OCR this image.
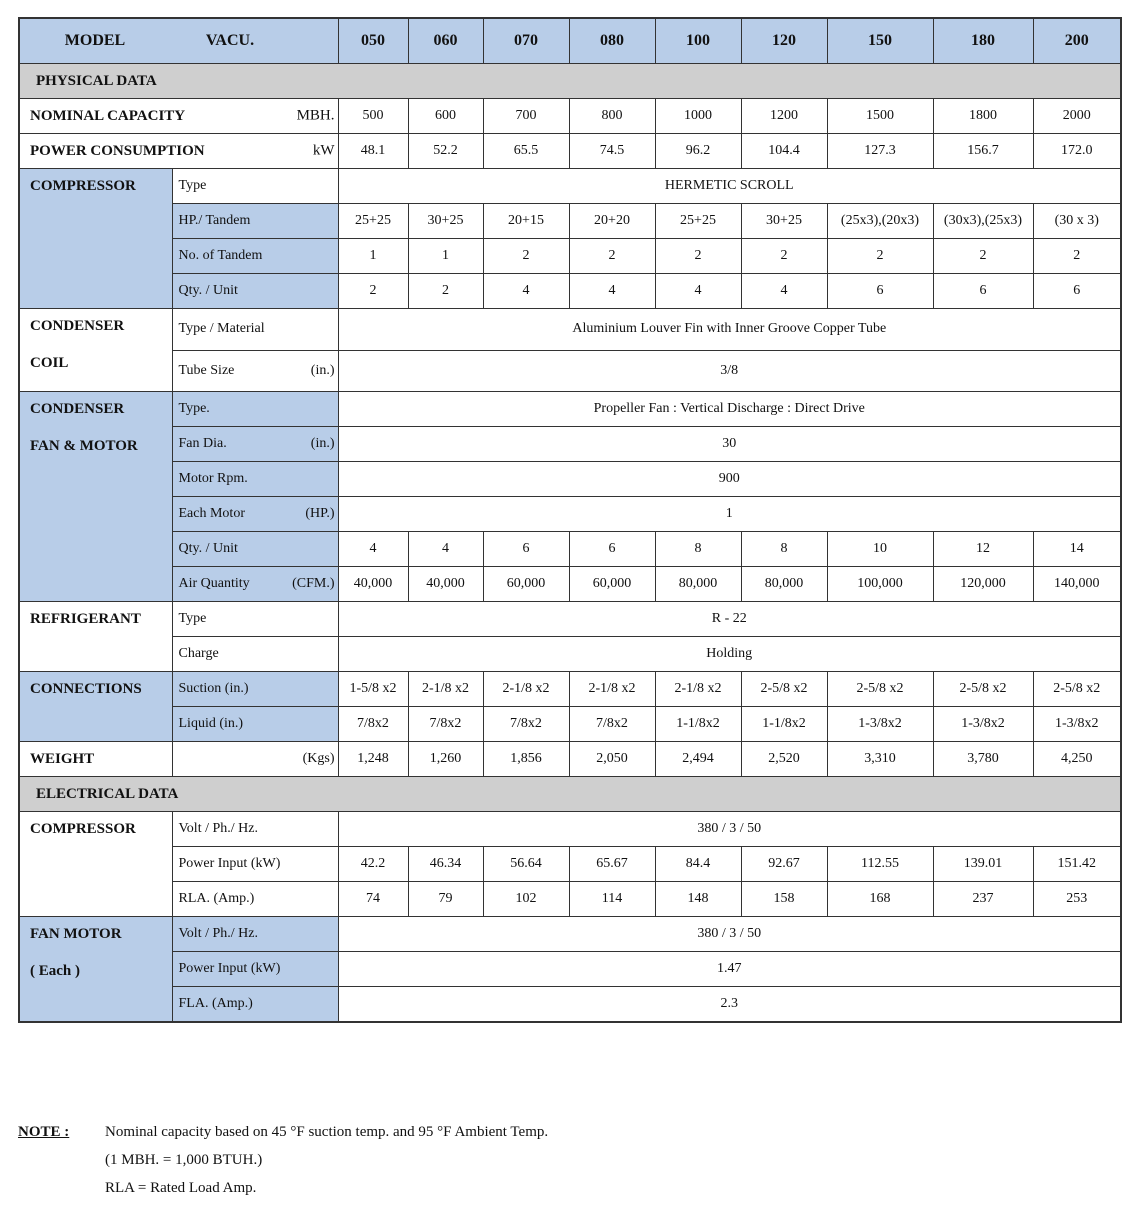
MODEL VACU.		050	060	070	080	100	120	150	180	200
PHYSICAL DATA										
NOMINAL CAPACITY MBH.		500	600	700	800	1000	1200	1500	1800	2000
POWER CONSUMPTION kW		48.1	52.2	65.5	74.5	96.2	104.4	127.3	156.7	172.0

COMPRESSOR	Type	HERMETIC SCROLL								
	HP./ Tandem	25+25	30+25	20+15	20+20	25+25	30+25	(25x3),(20x3)	(30x3),(25x3)	(30 x 3)
	No. of Tandem	1	1	2	2	2	2	2	2	2
	Qty. / Unit	2	2	4	4	4	4	6	6	6

CONDENSER
COIL	Type / Material	Aluminium Louver Fin with Inner Groove Copper Tube								
	Tube Size (in.)	3/8								

CONDENSER
FAN & MOTOR	Type.	Propeller Fan : Vertical Discharge : Direct Drive								
	Fan Dia. (in.)	30								
	Motor Rpm.	900								
	Each Motor (HP.)	1								
	Qty. / Unit	4	4	6	6	8	8	10	12	14
	Air Quantity (CFM.)	40,000	40,000	60,000	60,000	80,000	80,000	100,000	120,000	140,000

REFRIGERANT	Type	R - 22								
	Charge	Holding								

CONNECTIONS	Suction (in.)	1-5/8 x2	2-1/8 x2	2-1/8 x2	2-1/8 x2	2-1/8 x2	2-5/8 x2	2-5/8 x2	2-5/8 x2	2-5/8 x2
	Liquid (in.)	7/8x2	7/8x2	7/8x2	7/8x2	1-1/8x2	1-1/8x2	1-3/8x2	1-3/8x2	1-3/8x2
WEIGHT	(Kgs)	1,248	1,260	1,856	2,050	2,494	2,520	3,310	3,780	4,250
ELECTRICAL DATA										

COMPRESSOR	Volt / Ph./ Hz.	380 / 3 / 50								
	Power Input (kW)	42.2	46.34	56.64	65.67	84.4	92.67	112.55	139.01	151.42
	RLA. (Amp.)	74	79	102	114	148	158	168	237	253

FAN MOTOR
( Each )	Volt / Ph./ Hz.	380 / 3 / 50								
	Power Input (kW)	1.47								
	FLA. (Amp.)	2.3								
NOTE :	Nominal capacity based on 45 °F suction temp. and 95 °F Ambient Temp.
(1 MBH. = 1,000 BTUH.)
RLA = Rated Load Amp.
